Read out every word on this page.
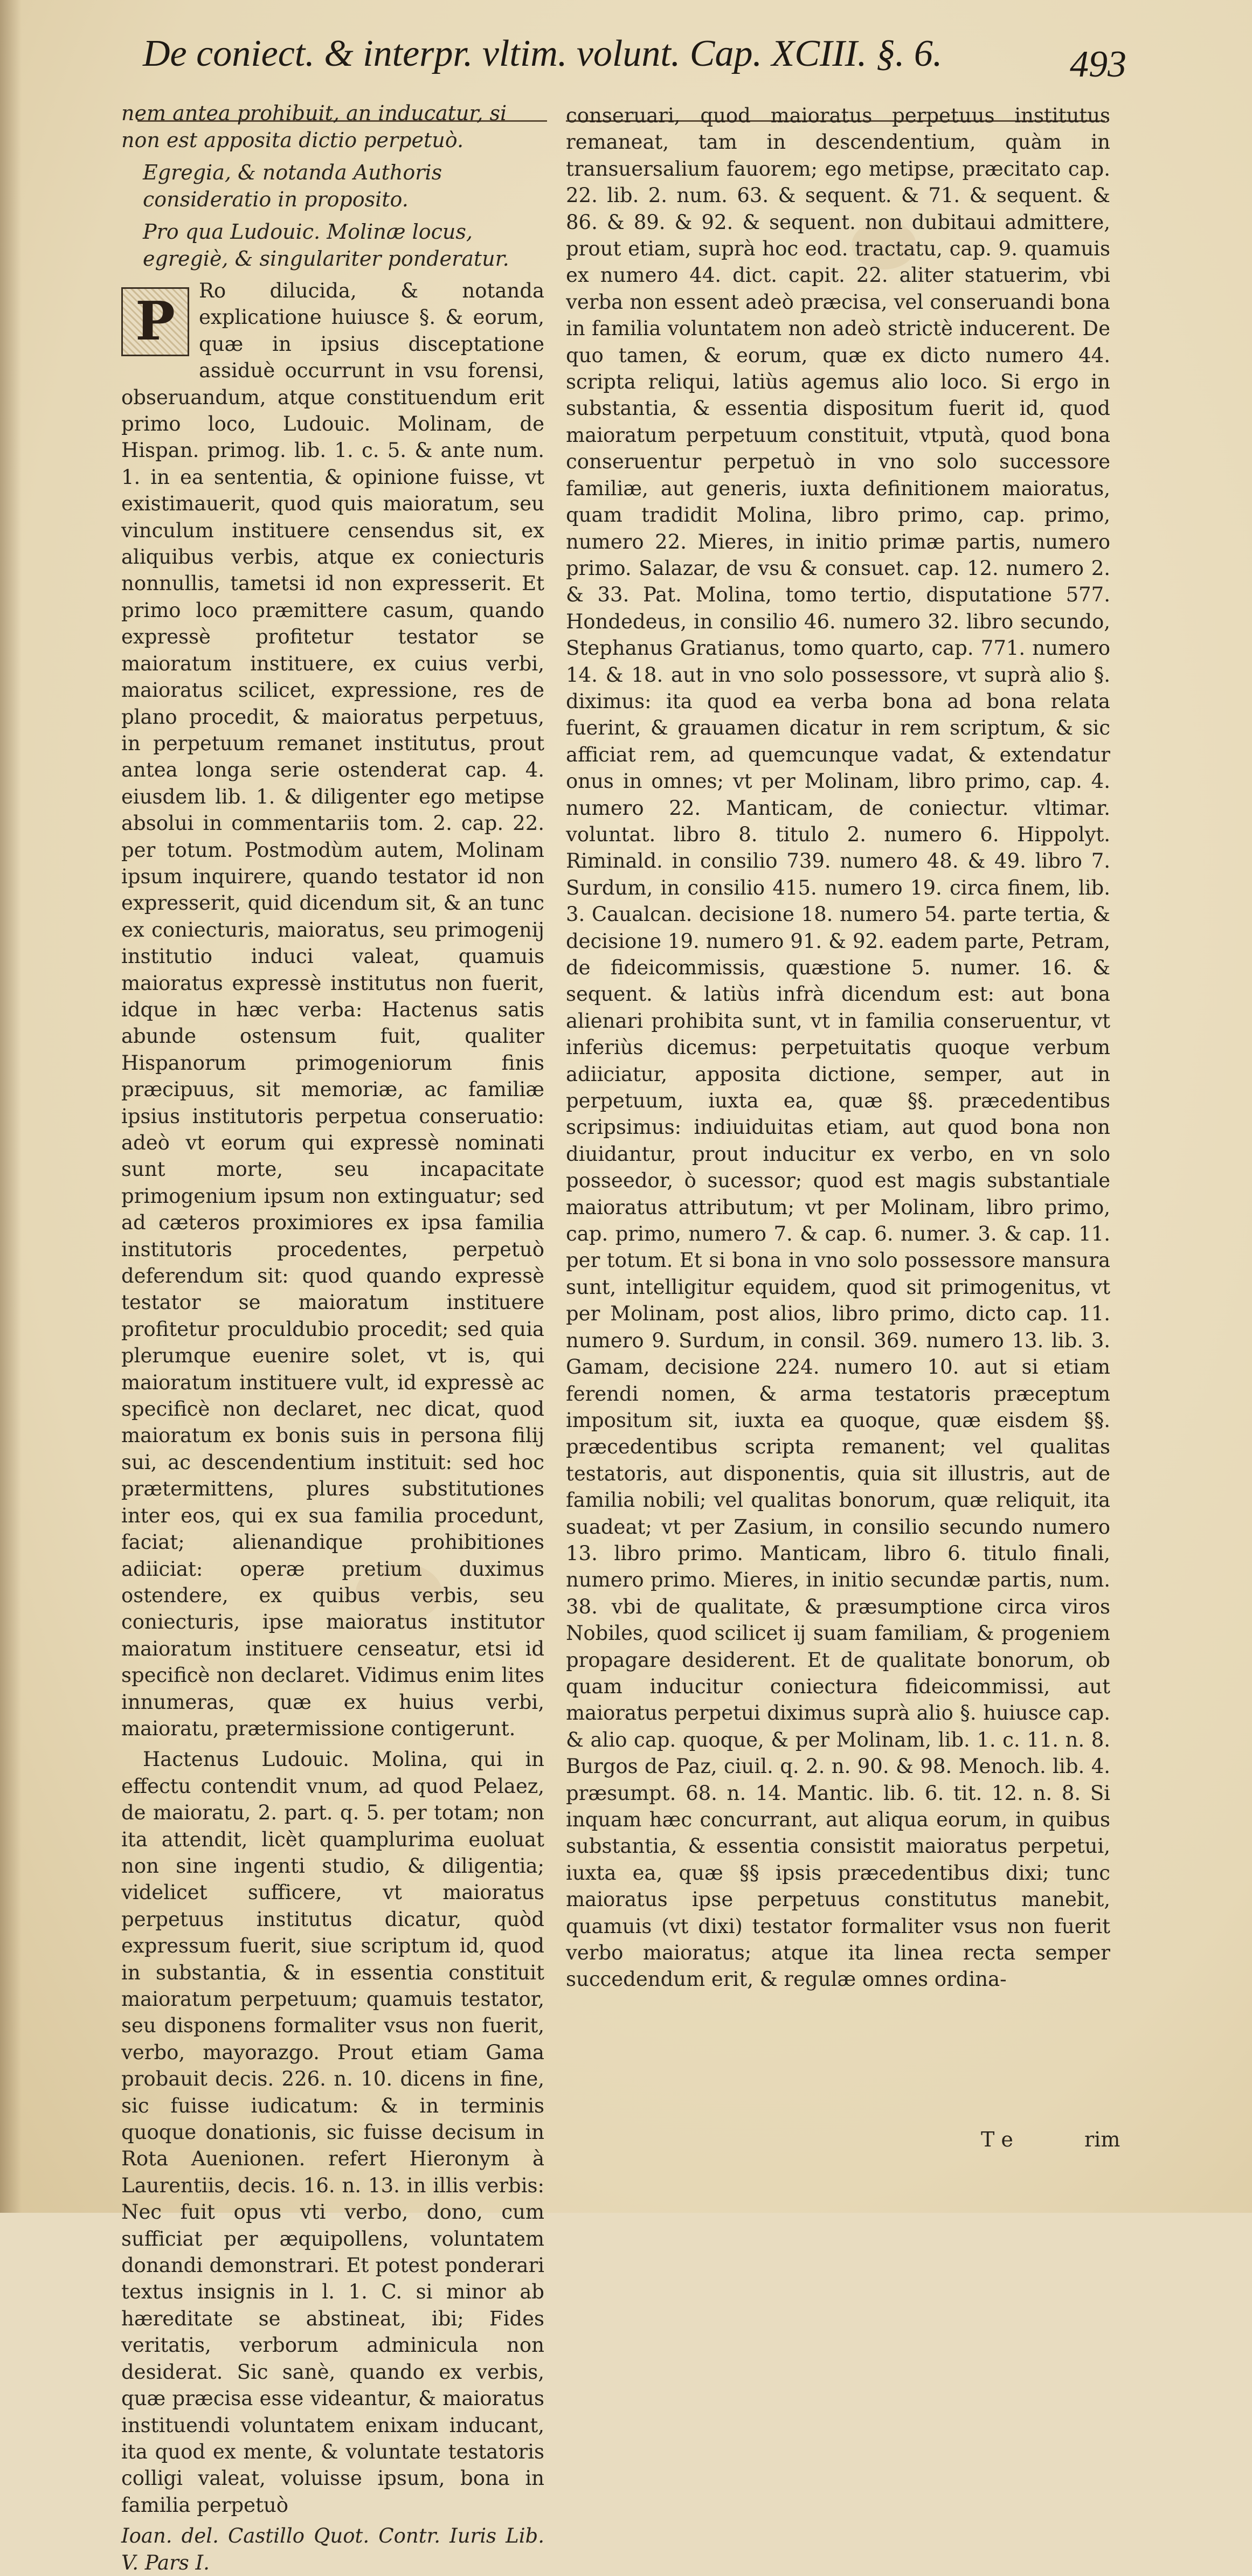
De coniect. & interpr. vltim. volunt. Cap. XCIII. §. 6.	493

nem antea prohibuit, an inducatur, si non est apposita dictio perpetuò.

Egregia, & notanda Authoris consideratio in proposito.

Pro qua Ludouic. Molinæ locus, egregiè, & singulariter ponderatur.

P	Ro dilucida, & notanda explicatione huiusce §. & eorum, quæ in ipsius disceptatione assiduè occurrunt in vsu forensi, obseruandum, atque constituendum erit primo loco, Ludouic. Molinam, de Hispan. primog. lib. 1. c. 5. & ante num. 1. in ea sententia, & opinione fuisse, vt existimauerit, quod quis maioratum, seu vinculum instituere censendus sit, ex aliquibus verbis, atque ex coniecturis nonnullis, tametsi id non expresserit. Et primo loco præmittere casum, quando expressè profitetur testator se maioratum instituere, ex cuius verbi, maioratus scilicet, expressione, res de plano procedit, & maioratus perpetuus, in perpetuum remanet institutus, prout antea longa serie ostenderat cap. 4. eiusdem lib. 1. & diligenter ego metipse absolui in commentariis tom. 2. cap. 22. per totum. Postmodùm autem, Molinam ipsum inquirere, quando testator id non expresserit, quid dicendum sit, & an tunc ex coniecturis, maioratus, seu primogenij institutio induci valeat, quamuis maioratus expressè institutus non fuerit, idque in hæc verba: Hactenus satis abunde ostensum fuit, qualiter Hispanorum primogeniorum finis præcipuus, sit memoriæ, ac familiæ ipsius institutoris perpetua conseruatio: adeò vt eorum qui expressè nominati sunt morte, seu incapacitate primogenium ipsum non extinguatur; sed ad cæteros proximiores ex ipsa familia institutoris procedentes, perpetuò deferendum sit: quod quando expressè testator se maioratum instituere profitetur proculdubio procedit; sed quia plerumque euenire solet, vt is, qui maioratum instituere vult, id expressè ac specificè non declaret, nec dicat, quod maioratum ex bonis suis in persona filij sui, ac descendentium instituit: sed hoc prætermittens, plures substitutiones inter eos, qui ex sua familia procedunt, faciat; alienandique prohibitiones adiiciat: operæ pretium duximus ostendere, ex quibus verbis, seu coniecturis, ipse maioratus institutor maioratum instituere censeatur, etsi id specificè non declaret. Vidimus enim lites innumeras, quæ ex huius verbi, maioratu, prætermissione contigerunt.

Hactenus Ludouic. Molina, qui in effectu contendit vnum, ad quod Pelaez, de maioratu, 2. part. q. 5. per totam; non ita attendit, licèt quamplurima euoluat non sine ingenti studio, & diligentia; videlicet sufficere, vt maioratus perpetuus institutus dicatur, quòd expressum fuerit, siue scriptum id, quod in substantia, & in essentia constituit maioratum perpetuum; quamuis testator, seu disponens formaliter vsus non fuerit, verbo, mayorazgo. Prout etiam Gama probauit decis. 226. n. 10. dicens in fine, sic fuisse iudicatum: & in terminis quoque donationis, sic fuisse decisum in Rota Auenionen. refert Hieronym à Laurentiis, decis. 16. n. 13. in illis verbis: Nec fuit opus vti verbo, dono, cum sufficiat per æquipollens, voluntatem donandi demonstrari. Et potest ponderari textus insignis in l. 1. C. si minor ab hæreditate se abstineat, ibi; Fides veritatis, verborum adminicula non desiderat. Sic sanè, quando ex verbis, quæ præcisa esse videantur, & maioratus instituendi voluntatem enixam inducant, ita quod ex mente, & voluntate testatoris colligi valeat, voluisse ipsum, bona in familia perpetuò

Ioan. del. Castillo Quot. Contr. Iuris Lib. V. Pars I.

conseruari, quod maioratus perpetuus institutus remaneat, tam in descendentium, quàm in transuersalium fauorem; ego metipse, præcitato cap. 22. lib. 2. num. 63. & sequent. & 71. & sequent. & 86. & 89. & 92. & sequent. non dubitaui admittere, prout etiam, suprà hoc eod. tractatu, cap. 9. quamuis ex numero 44. dict. capit. 22. aliter statuerim, vbi verba non essent adeò præcisa, vel conseruandi bona in familia voluntatem non adeò strictè inducerent. De quo tamen, & eorum, quæ ex dicto numero 44. scripta reliqui, latiùs agemus alio loco. Si ergo in substantia, & essentia dispositum fuerit id, quod maioratum perpetuum constituit, vtputà, quod bona conseruentur perpetuò in vno solo successore familiæ, aut generis, iuxta definitionem maioratus, quam tradidit Molina, libro primo, cap. primo, numero 22. Mieres, in initio primæ partis, numero primo. Salazar, de vsu & consuet. cap. 12. numero 2. & 33. Pat. Molina, tomo tertio, disputatione 577. Hondedeus, in consilio 46. numero 32. libro secundo, Stephanus Gratianus, tomo quarto, cap. 771. numero 14. & 18. aut in vno solo possessore, vt suprà alio §. diximus: ita quod ea verba bona ad bona relata fuerint, & grauamen dicatur in rem scriptum, & sic afficiat rem, ad quemcunque vadat, & extendatur onus in omnes; vt per Molinam, libro primo, cap. 4. numero 22. Manticam, de coniectur. vltimar. voluntat. libro 8. titulo 2. numero 6. Hippolyt. Riminald. in consilio 739. numero 48. & 49. libro 7. Surdum, in consilio 415. numero 19. circa finem, lib. 3. Caualcan. decisione 18. numero 54. parte tertia, & decisione 19. numero 91. & 92. eadem parte, Petram, de fideicommissis, quæstione 5. numer. 16. & sequent. & latiùs infrà dicendum est: aut bona alienari prohibita sunt, vt in familia conseruentur, vt inferiùs dicemus: perpetuitatis quoque verbum adiiciatur, apposita dictione, semper, aut in perpetuum, iuxta ea, quæ §§. præcedentibus scripsimus: indiuiduitas etiam, aut quod bona non diuidantur, prout inducitur ex verbo, en vn solo posseedor, ò sucessor; quod est magis substantiale maioratus attributum; vt per Molinam, libro primo, cap. primo, numero 7. & cap. 6. numer. 3. & cap. 11. per totum. Et si bona in vno solo possessore mansura sunt, intelligitur equidem, quod sit primogenitus, vt per Molinam, post alios, libro primo, dicto cap. 11. numero 9. Surdum, in consil. 369. numero 13. lib. 3. Gamam, decisione 224. numero 10. aut si etiam ferendi nomen, & arma testatoris præceptum impositum sit, iuxta ea quoque, quæ eisdem §§. præcedentibus scripta remanent; vel qualitas testatoris, aut disponentis, quia sit illustris, aut de familia nobili; vel qualitas bonorum, quæ reliquit, ita suadeat; vt per Zasium, in consilio secundo numero 13. libro primo. Manticam, libro 6. titulo finali, numero primo. Mieres, in initio secundæ partis, num. 38. vbi de qualitate, & præsumptione circa viros Nobiles, quod scilicet ij suam familiam, & progeniem propagare desiderent. Et de qualitate bonorum, ob quam inducitur coniectura fideicommissi, aut maioratus perpetui diximus suprà alio §. huiusce cap. & alio cap. quoque, & per Molinam, lib. 1. c. 11. n. 8. Burgos de Paz, ciuil. q. 2. n. 90. & 98. Menoch. lib. 4. præsumpt. 68. n. 14. Mantic. lib. 6. tit. 12. n. 8. Si inquam hæc concurrant, aut aliqua eorum, in quibus substantia, & essentia consistit maioratus perpetui, iuxta ea, quæ §§ ipsis præcedentibus dixi; tunc maioratus ipse perpetuus constitutus manebit, quamuis (vt dixi) testator formaliter vsus non fuerit verbo maioratus; atque ita linea recta semper succedendum erit, & regulæ omnes ordina-

T e	rim
